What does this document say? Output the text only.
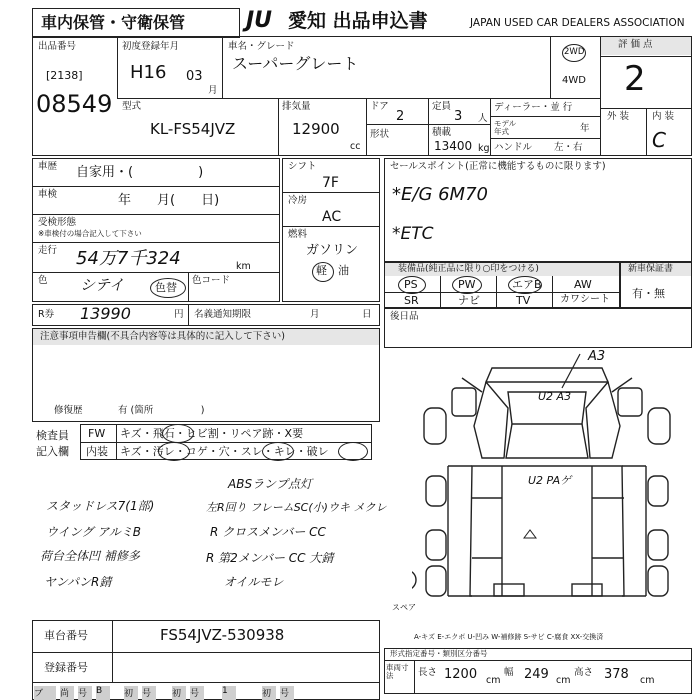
車内保管・守衛保管	JU 愛知 出品申込書	JAPAN USED CAR DEALERS ASSOCIATION
出品番号
[2138]
08549
初度登録年月
H16 03
月
車名・グレード
スーパーグレート
2WD
4WD
評 価 点
2
外 装 内 装
C
型式
KL-FS54JVZ
排気量
12900
cc
ドア
2
定員
3 人
形状	積載
13400 kg
ディーラー・並 行
モデル年式	年
ハンドル 左・右
車歴 自家用・(　　　　　)
車検	年　　月(　　日)
受検形態
※車検付の場合記入して下さい
走行 54万7千324	km
色 シテイ	色替
色コード
シフト
7F
冷房
AC
燃料
ガソリン
軽 油
セールスポイント(正常に機能するものに限ります)
*E/G 6M70
*ETC
装備品(純正品に限り○印をつける)
PS	PW	エアB	AW
SR	ナビ	TV	カワシート
新車保証書
有・無
R券 13990	円 名義通知期限	月	日 後日品
注意事項申告欄(不具合内容等は具体的に記入して下さい)
修復歴	有 (箇所　　　　　)
検査員
記入欄
FW キズ・飛石・ヒビ割・リペア跡・X要
内装 キズ・汚レ・コゲ・穴・スレ・キレ・破レ
スタッドレス7(1部)
ウイング アルミB
荷台全体凹 補修多
ヤンパンR錆
ABSランプ点灯
左R回り フレームSC(小)ウキ メクレ
R クロスメンバー CC
R 第2メンバー CC 大錆
オイルモレ
A3
U2 A3
U2 PAゲ
スペア
A-キズ E-エクボ U-凹み W-補修跡 S-サビ C-腐食 XX-交換済
車台番号	FS54JVZ-530938
登録番号
ブ	尚 号 B	初 号	初 号	1	初 号
形式指定番号・類別区分番号
車両寸法	長さ 1200 cm
幅 249 cm
高さ 378 cm
